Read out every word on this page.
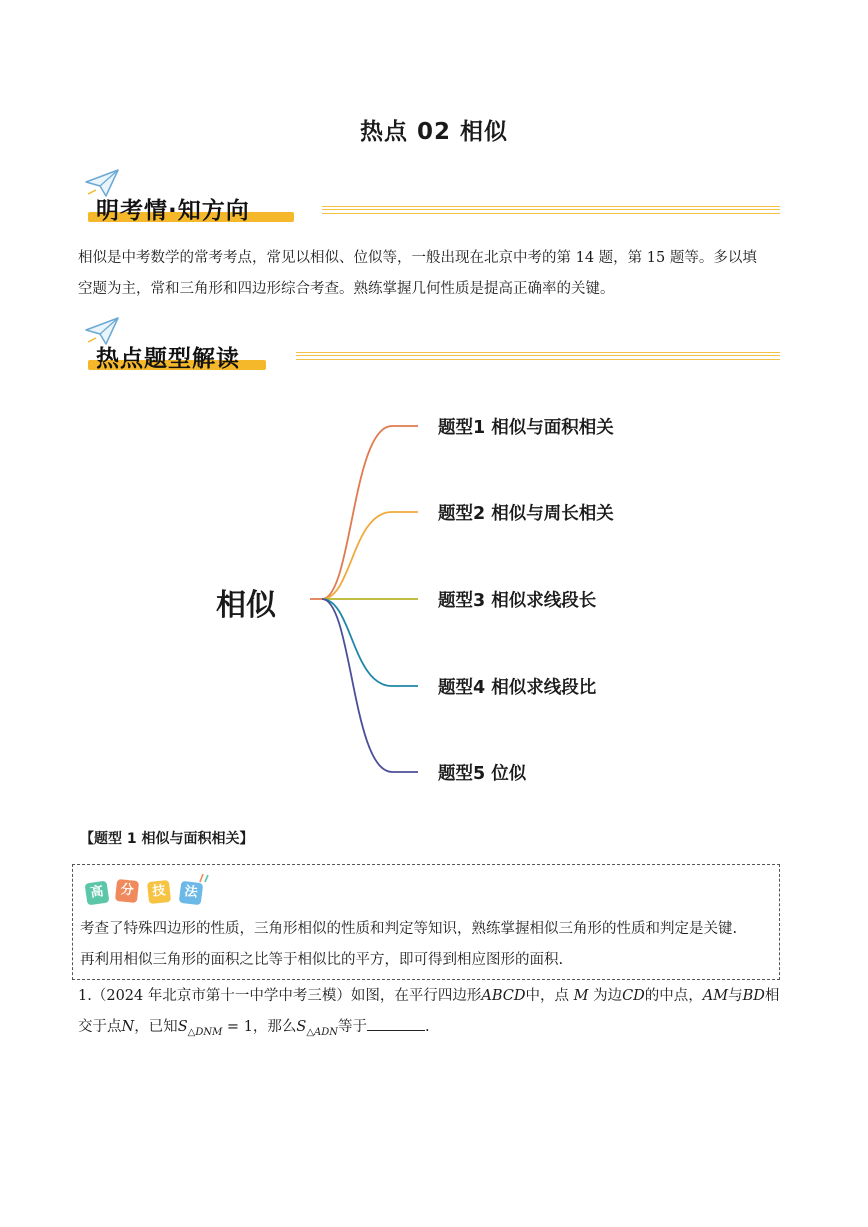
热点 02 相似
明考情·知方向
相似是中考数学的常考考点，常见以相似、位似等，一般出现在北京中考的第 14 题，第 15 题等。多以填
空题为主，常和三角形和四边形综合考查。熟练掌握几何性质是提高正确率的关键。
热点题型解读
相似
题型1 相似与面积相关
题型2 相似与周长相关
题型3 相似求线段长
题型4 相似求线段比
题型5 位似
【题型 1 相似与面积相关】
高	分	技	法
考查了特殊四边形的性质，三角形相似的性质和判定等知识，熟练掌握相似三角形的性质和判定是关键.
再利用相似三角形的面积之比等于相似比的平方，即可得到相应图形的面积.
1.（2024 年北京市第十一中学中考三模）如图，在平行四边形ABCD中，点 M 为边CD的中点，AM与BD相
交于点N，已知$S_{\triangle DNM} = 1$，那么$S_{\triangle ADN}$等于	.
